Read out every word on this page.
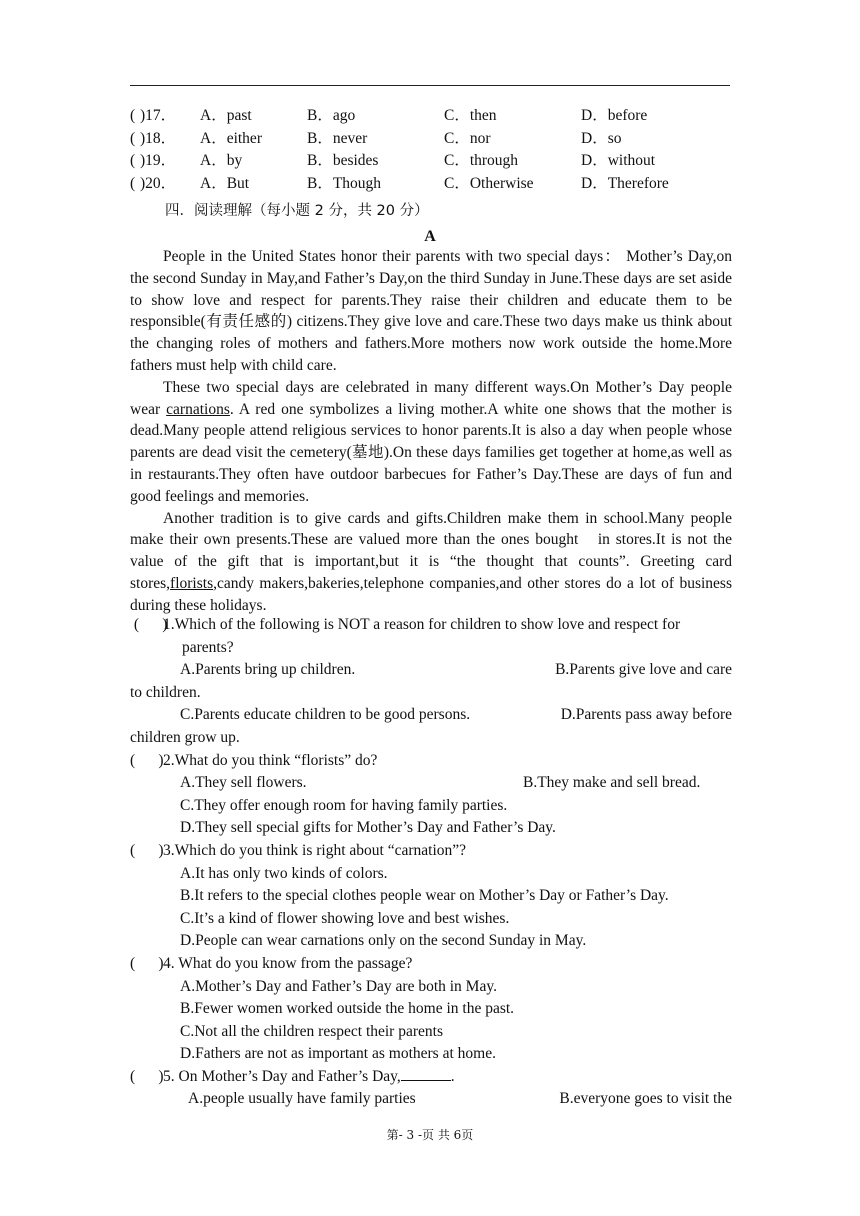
(	)17．	A．past	B．ago	C．then	D．before
(	)18．	A．either	B．never	C．nor	D．so
(	)19．	A．by	B．besides	C．through	D．without
(	)20．	A．But	B．Though	C．Otherwise	D．Therefore
四．阅读理解（每小题 2 分，共 20 分）
A

People in the United States honor their parents with two special days： Mother’s Day,on the second Sunday in May,and Father’s Day,on the third Sunday in June.These days are set aside to show love and respect for parents.They raise their children and educate them to be responsible(有责任感的) citizens.They give love and care.These two days make us think about the changing roles of mothers and fathers.More mothers now work outside the home.More fathers must help with child care.

These two special days are celebrated in many different ways.On Mother’s Day people wear carnations. A red one symbolizes a living mother.A white one shows that the mother is dead.Many people attend religious services to honor parents.It is also a day when people whose parents are dead visit the cemetery(墓地).On these days families get together at home,as well as in restaurants.They often have outdoor barbecues for Father’s Day.These are days of fun and good feelings and memories.

Another tradition is to give cards and gifts.Children make them in school.Many people make their own presents.These are valued more than the ones bought　in stores.It is not the value of the gift that is important,but it is “the thought that counts”. Greeting card stores,florists,candy makers,bakeries,telephone companies,and other stores do a lot of business during these holidays.

(      )
1.Which of the following is NOT a reason for children to show love and respect for
parents?
A.Parents bring up children.	B.Parents give love and care
to children.
C.Parents educate children to be good persons.	D.Parents pass away before
children grow up.
(      ) 2.What do you think “florists” do?
A.They sell flowers.	B.They make and sell bread.
C.They offer enough room for having family parties.
D.They sell special gifts for Mother’s Day and Father’s Day.
(      ) 3.Which do you think is right about “carnation”?
A.It has only two kinds of colors.
B.It refers to the special clothes people wear on Mother’s Day or Father’s Day.
C.It’s a kind of flower showing love and best wishes.
D.People can wear carnations only on the second Sunday in May.
(      ) 4. What do you know from the passage?
A.Mother’s Day and Father’s Day are both in May.
B.Fewer women worked outside the home in the past.
C.Not all the children respect their parents
D.Fathers are not as important as mothers at home.
(      ) 5. On Mother’s Day and Father’s Day,	.
A.people usually have family parties	B.everyone goes to visit the
第- 3 -页 共 6页
